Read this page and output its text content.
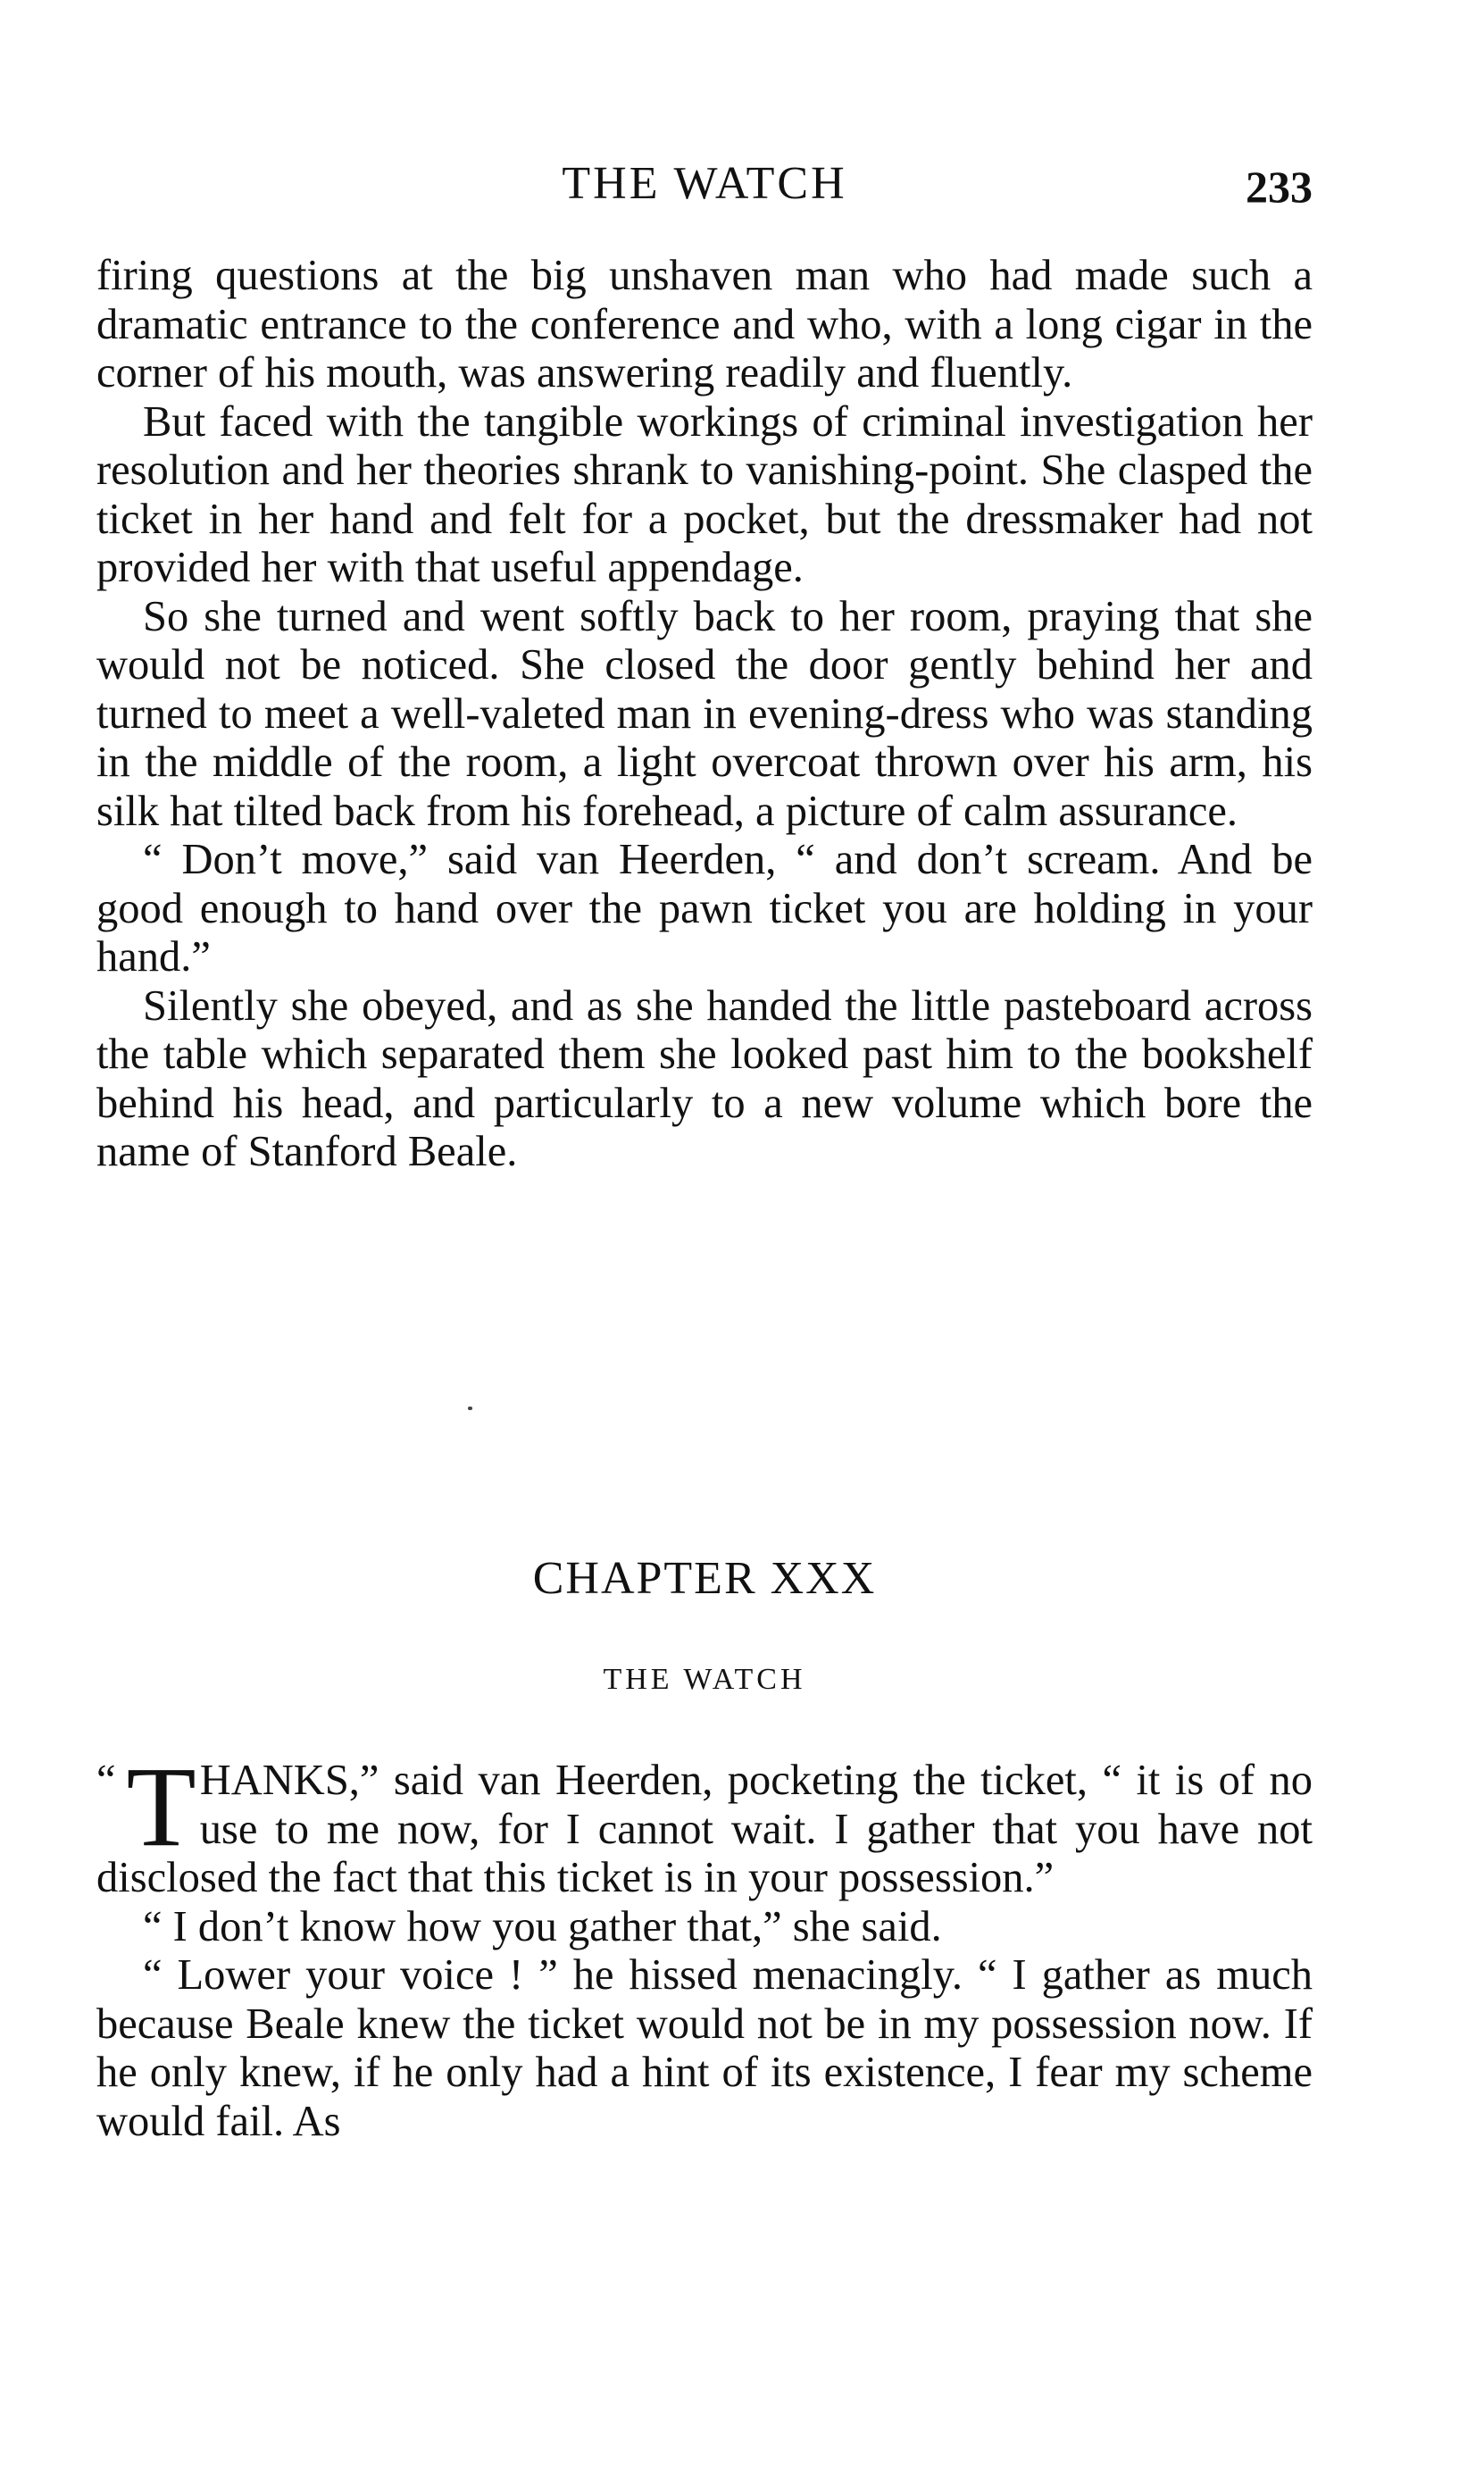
THE WATCH	233

firing questions at the big unshaven man who had made such a dramatic entrance to the conference and who, with a long cigar in the corner of his mouth, was answering readily and fluently.

But faced with the tangible workings of criminal investigation her resolution and her theories shrank to vanishing-point. She clasped the ticket in her hand and felt for a pocket, but the dressmaker had not provided her with that useful appendage.

So she turned and went softly back to her room, praying that she would not be noticed. She closed the door gently behind her and turned to meet a well-valeted man in evening-dress who was standing in the middle of the room, a light overcoat thrown over his arm, his silk hat tilted back from his forehead, a picture of calm assurance.

“ Don’t move,” said van Heerden, “ and don’t scream. And be good enough to hand over the pawn ticket you are holding in your hand.”

Silently she obeyed, and as she handed the little pasteboard across the table which separated them she looked past him to the bookshelf behind his head, and particularly to a new volume which bore the name of Stanford Beale.

CHAPTER XXX
THE WATCH

“ T HANKS,” said van Heerden, pocketing the ticket, “ it is of no use to me now, for I cannot wait. I gather that you have not disclosed the fact that this ticket is in your possession.”

“ I don’t know how you gather that,” she said.

“ Lower your voice ! ” he hissed menacingly. “ I gather as much because Beale knew the ticket would not be in my possession now. If he only knew, if he only had a hint of its existence, I fear my scheme would fail. As
